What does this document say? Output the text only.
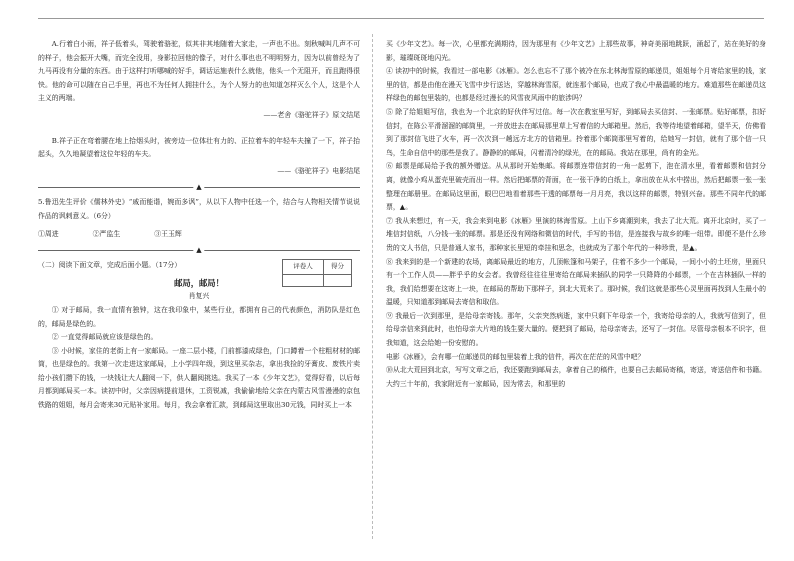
A.行着白小雨，祥子低着头，驾驶着骆驼，似其非其地随着大家走，一声也不出。刻秋喊叫几声不可的样子，他会振开大嘴，而完全没用，身影拉回他的像子，对什么事也也不明明努力，因为以前曾经为了九马再没有分量的东西。由于这样打听哪喊的好手，调话运施表什么就他，他头一个无阻开，而且跑得很快。他的命可以随在自己手里，再也不为任何人拥挂什么，为个人努力的也知道怎样灭么个人，这是个人主义的两端。

——老舍《骆驼祥子》原文结尾

B.祥子正在弯着腰在地上拾烟头时，被旁边一位体壮有力的、正拉着车的年轻车夫撞了一下，祥子抬起头，久久地凝望着这位年轻的车夫。

——《骆驼祥子》电影结尾

▲

5.鲁迅先生评价《儒林外史》“戚而能谐，婉而多讽”，从以下人物中任选一个，结合与人物相关情节说说作品的讽刺意义。（6分）

①周进	②严监生	③王玉辉
▲
评卷人	得分

（二）阅读下面文章，完成后面小题。（17分）

邮局，邮局！

肖复兴

① 对于邮局，我一直情有独钟，这在我印象中，某些行业，都拥有自己的代表颜色，消防队是红色的，邮局是绿色的。

② 一直觉得邮局就应该是绿色的。

③ 小时候，家住的老街上有一家邮局。一座二层小楼，门前都漆成绿色，门口蹲着一个柱粗材材的邮筒，也是绿色的。我第一次走进这家邮局，上小学四年级，到这里买杂志，拿出我捡的牙膏皮、废铁片卖给小孩们攒下的钱，一块钱让大人翻阅一下，供人翻阅挑选。我买了一本《少年文艺》，觉得好看，以后每月都到邮局买一本。读初中时，父亲因病提前退休，工资锐减，我偷偷地给父亲在内蒙古风雪漫漫的京包铁路的姐姐，每月会寄来30元贴补家用。每月，我会拿着汇款，到邮局这里取出30元钱，同时买上一本

买《少年文艺》。每一次，心里都充满期待，因为那里有《少年文艺》上那些故事，神奇美丽地跳跃，涌起了，站在美好的身影，璀璨斑斑地闪光。

④ 读初中的时候，我看过一部电影《冰雁》。怎么也忘不了那个被冷在东北林海雪原的邮递员，姐姐每个月寄给家里的钱，家里的信，都是由他在漫天飞雪中步行送达，穿越林海雪原，就连那个邮局，也成了我心中最温暖的地方。难道那些在邮递员这样绿色的邮包里装的，也都是经过漫长的风雪夜风雨中的旅涉吗？

⑤ 除了给姐姐写信，我也为一个北京的好伙伴写过信。每一次在教室里写好，到邮局去买信封、一张邮票。贴好邮票，扣好信封，在陈公平滑溜溜的邮筒里，一并放进去在邮局那里草上写着信的大邮箱里。然后，我等待地望着邮箱，望半天，仿佛看到了那封信飞进了火车，再一次次到一趟远方北方的信箱里。拎着那个邮筒那里写着的，给她写一封信，就有了那个信一只鸟，生命自信中的那些是我了。静静的的邮局，闪着清冷的绿光，在的邮局。我站在那里，尚有的金光。

⑥ 邮票是邮局给予我的额外赠送。从从那时开始集邮。将邮票连带信封的一角一起剪下，泡在清水里，看着邮票和信封分离，就像小鸡从蛋壳里破壳而出一样。然后把邮票的背面，在一张干净的白纸上，拿出放在从水中捞出，然后把邮票一张一张整理在邮册里。在邮局这里面，眼巴巴地看着那些干透的邮票每一月月亮，我以这样的邮票，特别兴奋。那些不同年代的邮票，▲。

⑦ 我从来想过，有一天，我会来到电影《冰雁》里演的林海雪原。上山下乡离潮到来，我去了北大荒。离开北京时，买了一堆信封信纸，八分钱一张的邮票。那是还没有网络和微信的时代，手写的书信，是连接我与故乡的唯一纽带。即便不是什么珍贵的文人书信，只是普通人家书，那种家长里短的牵挂和思念，也就成为了那个年代的一种珍贵，是▲。

⑧ 我来到的是一个新建的农场，离邮局最近的地方，几顶帐篷和马架子，住着不多少一个邮局，一间小小的土坯房，里面只有一个工作人员——胖乎乎的女会者。我曾经往往往里寄给在邮局来插队的同学一只降降的小邮票，一个在吉林插队一样的我，我们给想要在这寄上一块，在邮局的帮助下那样子，到北大荒来了。那时候，我们这就是那些心灵里面再找到人生最小的温暖，只知道那到邮局去寄信和取信。

⑨ 我最后一次到那里，是给母亲寄钱。那年，父亲突然病逝，家中只剩下年母亲一个，我寄给母亲的人，我就写信到了，但给母亲信来到此时，也怕母亲大片地的钱生要大量的。便把到了邮局，给母亲寄去，还写了一封信。尽管母亲根本不识字，但我知道，这会给她一份安慰的。

电影《冰雁》，会有哪一位邮递员的邮包里装着上我的信件，再次在茫茫的风雪中吧？

⑩从北大荒回到北京，写写文章之后，我还要跑到邮局去，拿着自己的稿件，也要自己去邮局寄稿，寄送，寄送信件和书籍。大约三十年前，我家附近有一家邮局，因为常去，和那里的
